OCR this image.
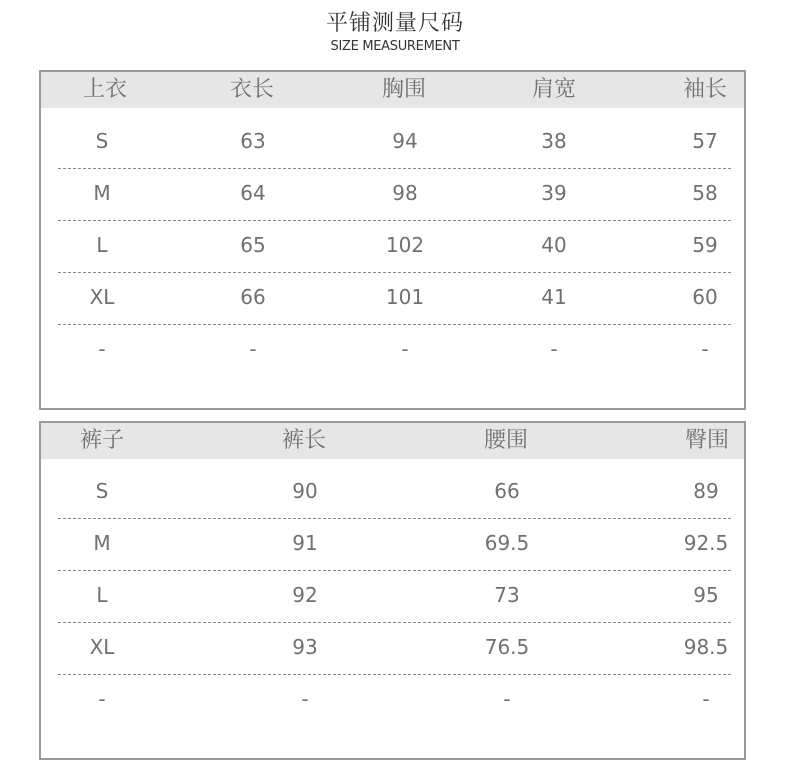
平铺测量尺码
SIZE MEASUREMENT
上衣	衣长	胸围	肩宽	袖长
S	63	94	38	57
M	64	98	39	58
L	65	102	40	59
XL	66	101	41	60
-	-	-	-	-
裤子	裤长	腰围	臀围
S	90	66	89
M	91	69.5	92.5
L	92	73	95
XL	93	76.5	98.5
-	-	-	-
